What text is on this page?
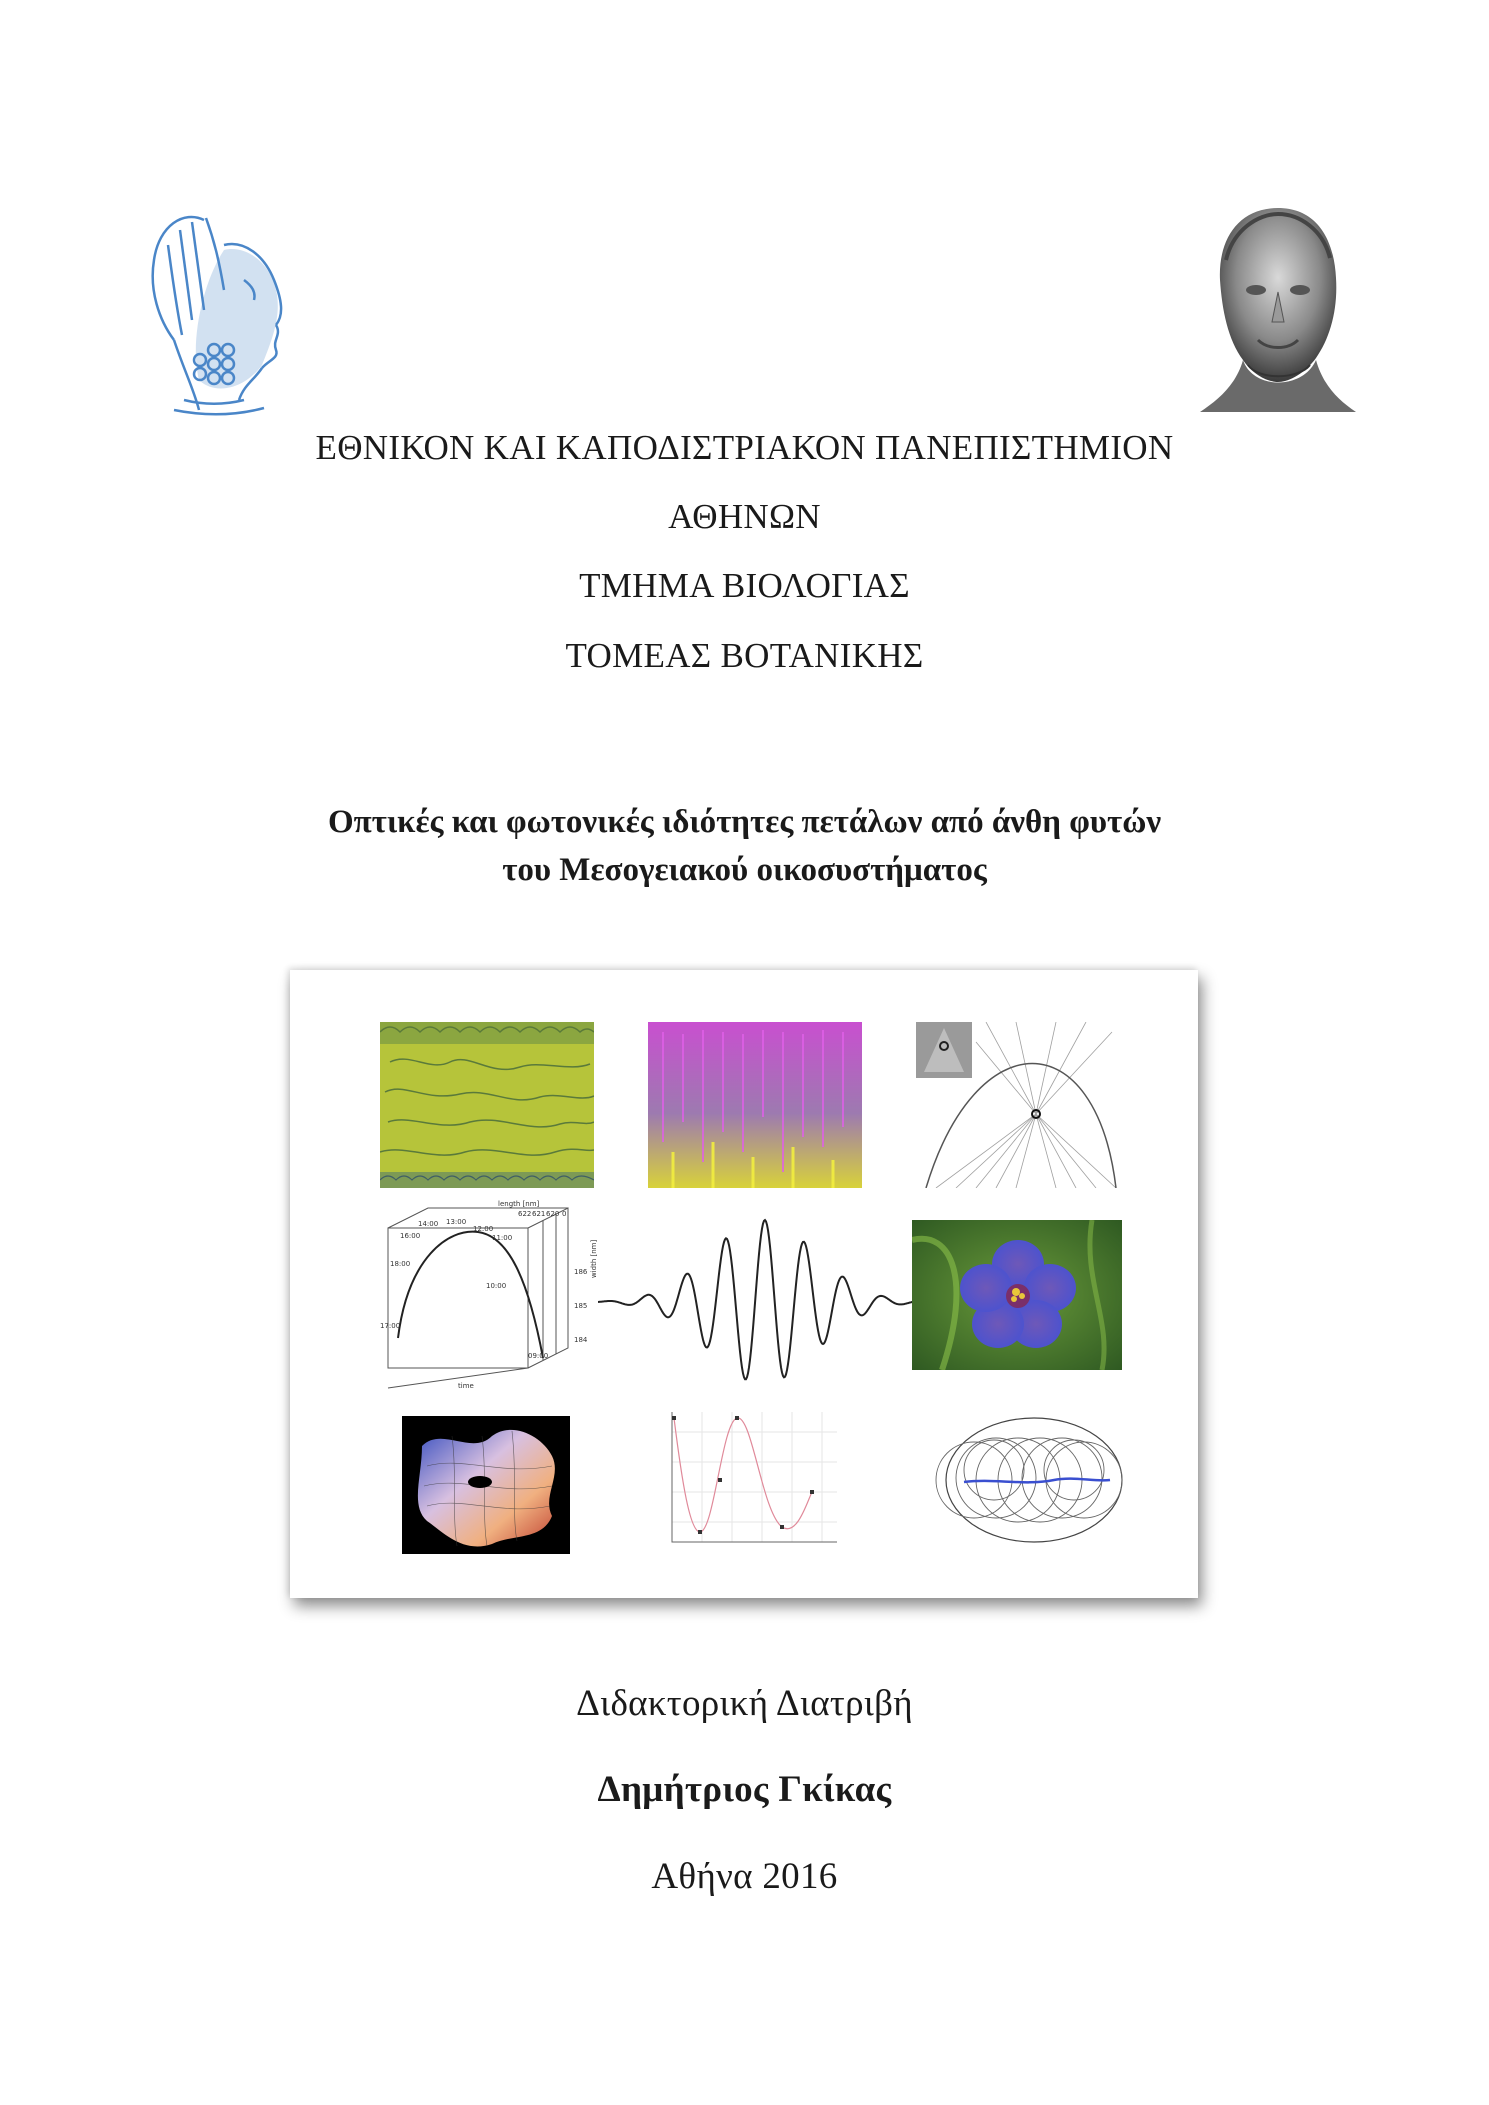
ΕΘΝΙΚΟΝ ΚΑΙ ΚΑΠΟΔΙΣΤΡΙΑΚΟΝ ΠΑΝΕΠΙΣΤΗΜΙΟΝ
ΑΘΗΝΩΝ
ΤΜΗΜΑ ΒΙΟΛΟΓΙΑΣ
ΤΟΜΕΑΣ ΒΟΤΑΝΙΚΗΣ
Οπτικές και φωτονικές ιδιότητες πετάλων από άνθη φυτών
του Μεσογειακού οικοσυστήματος
14:00 13:00
12:00
16:00	11:00
18:00
10:00
17:00
09:00
length [nm]
time
width [nm]
622 621 620 0
186
185
184
Διδακτορική Διατριβή
Δημήτριος Γκίκας
Αθήνα 2016
